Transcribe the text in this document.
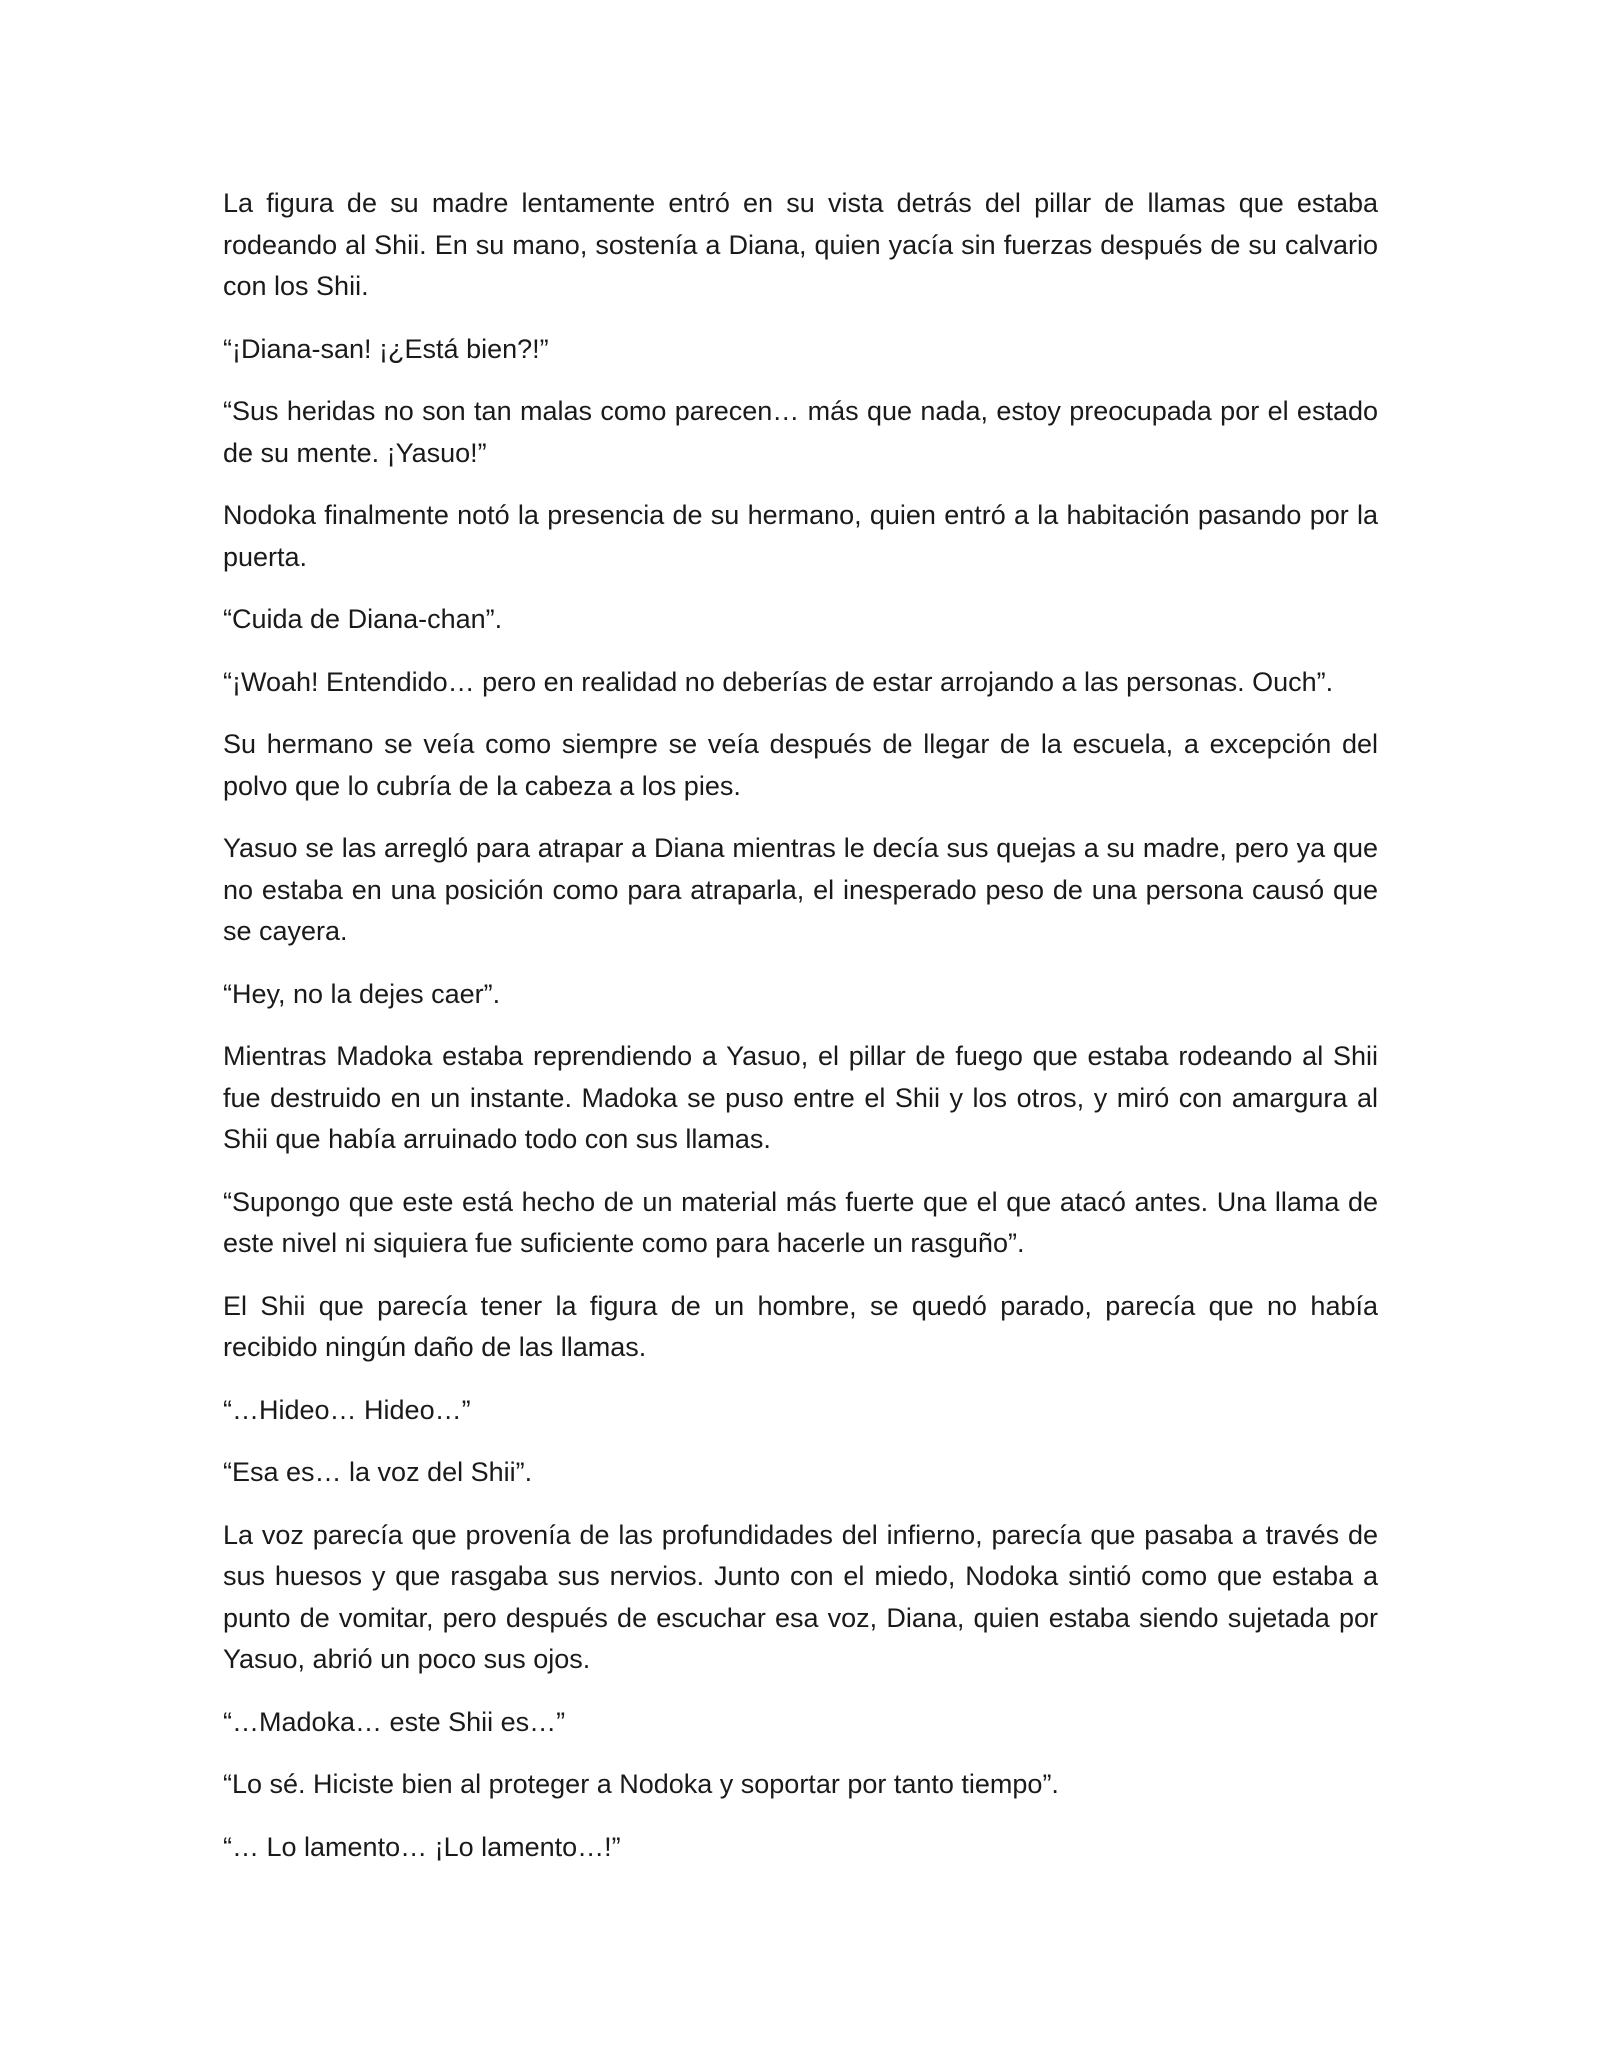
La figura de su madre lentamente entró en su vista detrás del pillar de llamas que estaba rodeando al Shii. En su mano, sostenía a Diana, quien yacía sin fuerzas después de su calvario con los Shii.

“¡Diana-san! ¡¿Está bien?!”

“Sus heridas no son tan malas como parecen… más que nada, estoy preocupada por el estado de su mente. ¡Yasuo!”

Nodoka finalmente notó la presencia de su hermano, quien entró a la habitación pasando por la puerta.

“Cuida de Diana-chan”.

“¡Woah! Entendido… pero en realidad no deberías de estar arrojando a las personas. Ouch”.

Su hermano se veía como siempre se veía después de llegar de la escuela, a excepción del polvo que lo cubría de la cabeza a los pies.

Yasuo se las arregló para atrapar a Diana mientras le decía sus quejas a su madre, pero ya que no estaba en una posición como para atraparla, el inesperado peso de una persona causó que se cayera.

“Hey, no la dejes caer”.

Mientras Madoka estaba reprendiendo a Yasuo, el pillar de fuego que estaba rodeando al Shii fue destruido en un instante. Madoka se puso entre el Shii y los otros, y miró con amargura al Shii que había arruinado todo con sus llamas.

“Supongo que este está hecho de un material más fuerte que el que atacó antes. Una llama de este nivel ni siquiera fue suficiente como para hacerle un rasguño”.

El Shii que parecía tener la figura de un hombre, se quedó parado, parecía que no había recibido ningún daño de las llamas.

“…Hideo… Hideo…”

“Esa es… la voz del Shii”.

La voz parecía que provenía de las profundidades del infierno, parecía que pasaba a través de sus huesos y que rasgaba sus nervios. Junto con el miedo, Nodoka sintió como que estaba a punto de vomitar, pero después de escuchar esa voz, Diana, quien estaba siendo sujetada por Yasuo, abrió un poco sus ojos.

“…Madoka… este Shii es…”

“Lo sé. Hiciste bien al proteger a Nodoka y soportar por tanto tiempo”.

“… Lo lamento… ¡Lo lamento…!”
